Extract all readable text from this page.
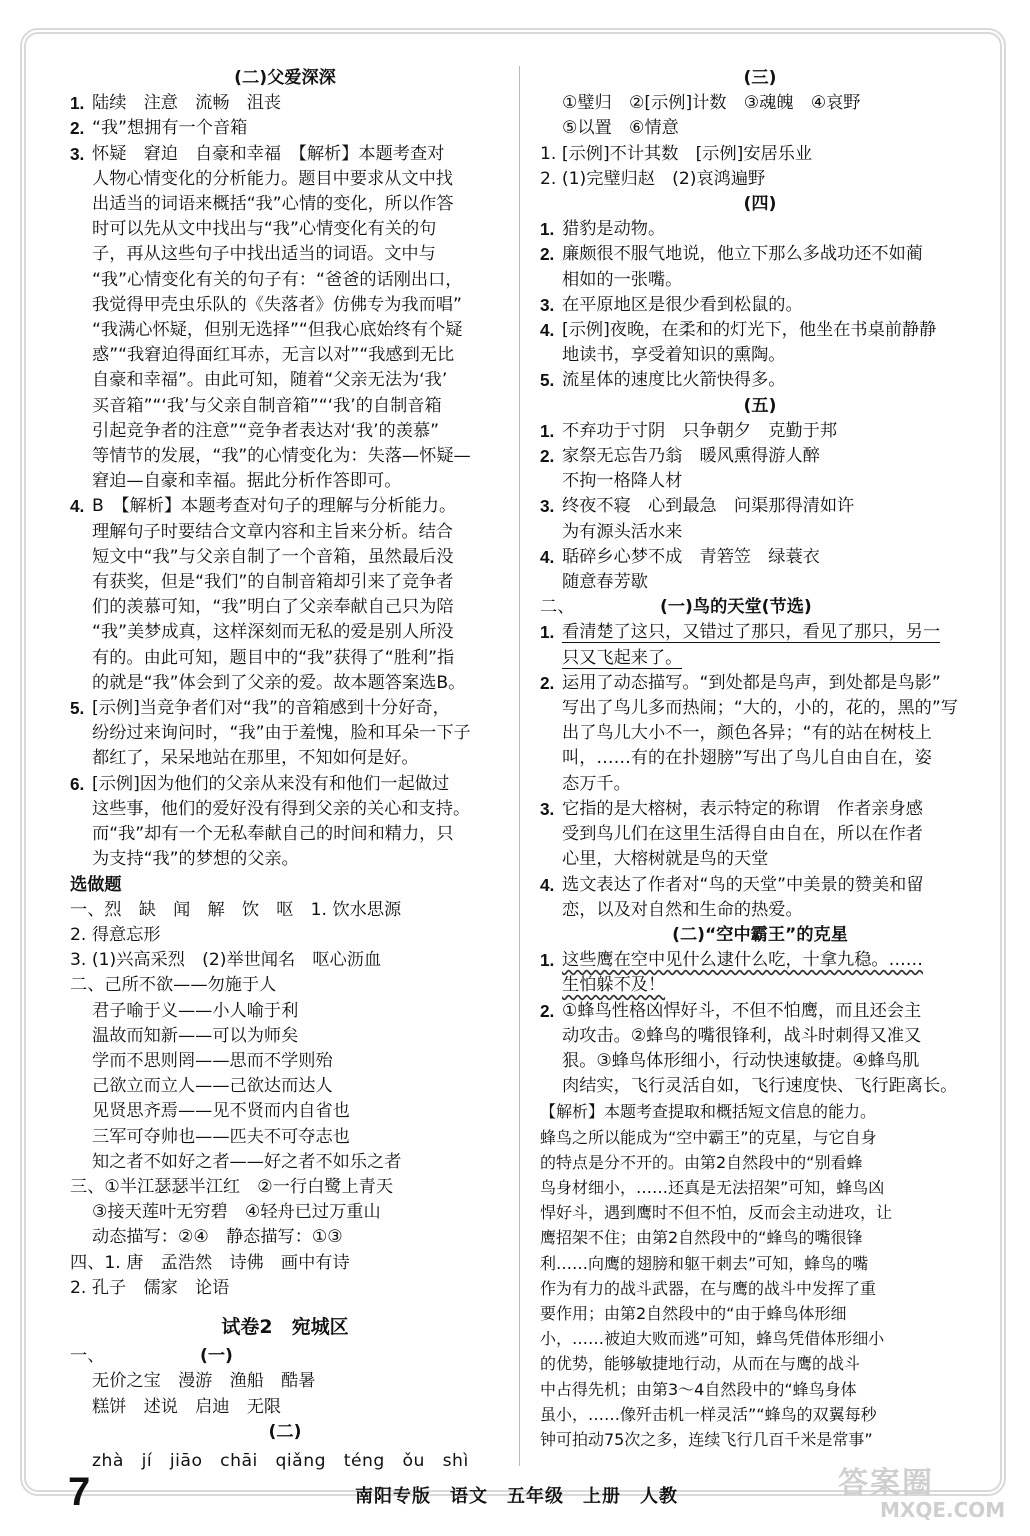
(二)父爱深深
1. 陆续　注意　流畅　沮丧
2. “我”想拥有一个音箱
3. 怀疑　窘迫　自豪和幸福　【解析】本题考查对
人物心情变化的分析能力。题目中要求从文中找
出适当的词语来概括“我”心情的变化，所以作答
时可以先从文中找出与“我”心情变化有关的句
子，再从这些句子中找出适当的词语。文中与
“我”心情变化有关的句子有：“爸爸的话刚出口，
我觉得甲壳虫乐队的《失落者》仿佛专为我而唱”
“我满心怀疑，但别无选择”“但我心底始终有个疑
惑”“我窘迫得面红耳赤，无言以对”“我感到无比
自豪和幸福”。由此可知，随着“父亲无法为‘我’
买音箱”“‘我’与父亲自制音箱”“‘我’的自制音箱
引起竞争者的注意”“竞争者表达对‘我’的羡慕”
等情节的发展，“我”的心情变化为：失落—怀疑—
窘迫—自豪和幸福。据此分析作答即可。
4. B　【解析】本题考查对句子的理解与分析能力。
理解句子时要结合文章内容和主旨来分析。结合
短文中“我”与父亲自制了一个音箱，虽然最后没
有获奖，但是“我们”的自制音箱却引来了竞争者
们的羡慕可知，“我”明白了父亲奉献自己只为陪
“我”美梦成真，这样深刻而无私的爱是别人所没
有的。由此可知，题目中的“我”获得了“胜利”指
的就是“我”体会到了父亲的爱。故本题答案选B。
5. [示例]当竞争者们对“我”的音箱感到十分好奇，
纷纷过来询问时，“我”由于羞愧，脸和耳朵一下子
都红了，呆呆地站在那里，不知如何是好。
6. [示例]因为他们的父亲从来没有和他们一起做过
这些事，他们的爱好没有得到父亲的关心和支持。
而“我”却有一个无私奉献自己的时间和精力，只
为支持“我”的梦想的父亲。
选做题
一、烈　缺　闻　解　饮　呕　1. 饮水思源
2. 得意忘形
3. (1)兴高采烈　(2)举世闻名　呕心沥血
二、己所不欲——勿施于人
君子喻于义——小人喻于利
温故而知新——可以为师矣
学而不思则罔——思而不学则殆
己欲立而立人——己欲达而达人
见贤思齐焉——见不贤而内自省也
三军可夺帅也——匹夫不可夺志也
知之者不如好之者——好之者不如乐之者
三、①半江瑟瑟半江红　②一行白鹭上青天
③接天莲叶无穷碧　④轻舟已过万重山
动态描写：②④　静态描写：①③
四、1. 唐　孟浩然　诗佛　画中有诗
2. 孔子　儒家　论语
试卷2　宛城区
一、	(一)
无价之宝　漫游　渔船　酷暑
糕饼　述说　启迪　无限
(二)
zhà　jí　jiāo　chāi　qiǎng　téng　ǒu　shì
(三)
①璧归　②[示例]计数　③魂魄　④哀野
⑤以置　⑥情意
1. [示例]不计其数　[示例]安居乐业
2. (1)完璧归赵　(2)哀鸿遍野
(四)
1. 猎豹是动物。
2. 廉颇很不服气地说，他立下那么多战功还不如蔺
相如的一张嘴。
3. 在平原地区是很少看到松鼠的。
4. [示例]夜晚，在柔和的灯光下，他坐在书桌前静静
地读书，享受着知识的熏陶。
5. 流星体的速度比火箭快得多。
(五)
1. 不弃功于寸阴　只争朝夕　克勤于邦
2. 家祭无忘告乃翁　暖风熏得游人醉
不拘一格降人材
3. 终夜不寝　心到最急　问渠那得清如许
为有源头活水来
4. 聒碎乡心梦不成　青箬笠　绿蓑衣
随意春芳歇
二、	(一)鸟的天堂(节选)
1. 看清楚了这只，又错过了那只，看见了那只，另一
只又飞起来了。
2. 运用了动态描写。“到处都是鸟声，到处都是鸟影”
写出了鸟儿多而热闹；“大的，小的，花的，黑的”写
出了鸟儿大小不一，颜色各异；“有的站在树枝上
叫，……有的在扑翅膀”写出了鸟儿自由自在，姿
态万千。
3. 它指的是大榕树，表示特定的称谓　作者亲身感
受到鸟儿们在这里生活得自由自在，所以在作者
心里，大榕树就是鸟的天堂
4. 选文表达了作者对“鸟的天堂”中美景的赞美和留
恋，以及对自然和生命的热爱。
(二)“空中霸王”的克星
1. 这些鹰在空中见什么逮什么吃，十拿九稳。……
生怕躲不及！
2. ①蜂鸟性格凶悍好斗，不但不怕鹰，而且还会主
动攻击。②蜂鸟的嘴很锋利，战斗时刺得又准又
狠。③蜂鸟体形细小，行动快速敏捷。④蜂鸟肌
肉结实，飞行灵活自如，飞行速度快、飞行距离长。
【解析】本题考查提取和概括短文信息的能力。
蜂鸟之所以能成为“空中霸王”的克星，与它自身
的特点是分不开的。由第2自然段中的“别看蜂
鸟身材细小，……还真是无法招架”可知，蜂鸟凶
悍好斗，遇到鹰时不但不怕，反而会主动进攻，让
鹰招架不住；由第2自然段中的“蜂鸟的嘴很锋
利……向鹰的翅膀和躯干刺去”可知，蜂鸟的嘴
作为有力的战斗武器，在与鹰的战斗中发挥了重
要作用；由第2自然段中的“由于蜂鸟体形细
小，……被迫大败而逃”可知，蜂鸟凭借体形细小
的优势，能够敏捷地行动，从而在与鹰的战斗
中占得先机；由第3～4自然段中的“蜂鸟身体
虽小，……像歼击机一样灵活”“蜂鸟的双翼每秒
钟可拍动75次之多，连续飞行几百千米是常事”
7	南阳专版　语文　五年级　上册　人教	答案圈
MXQE.COM
